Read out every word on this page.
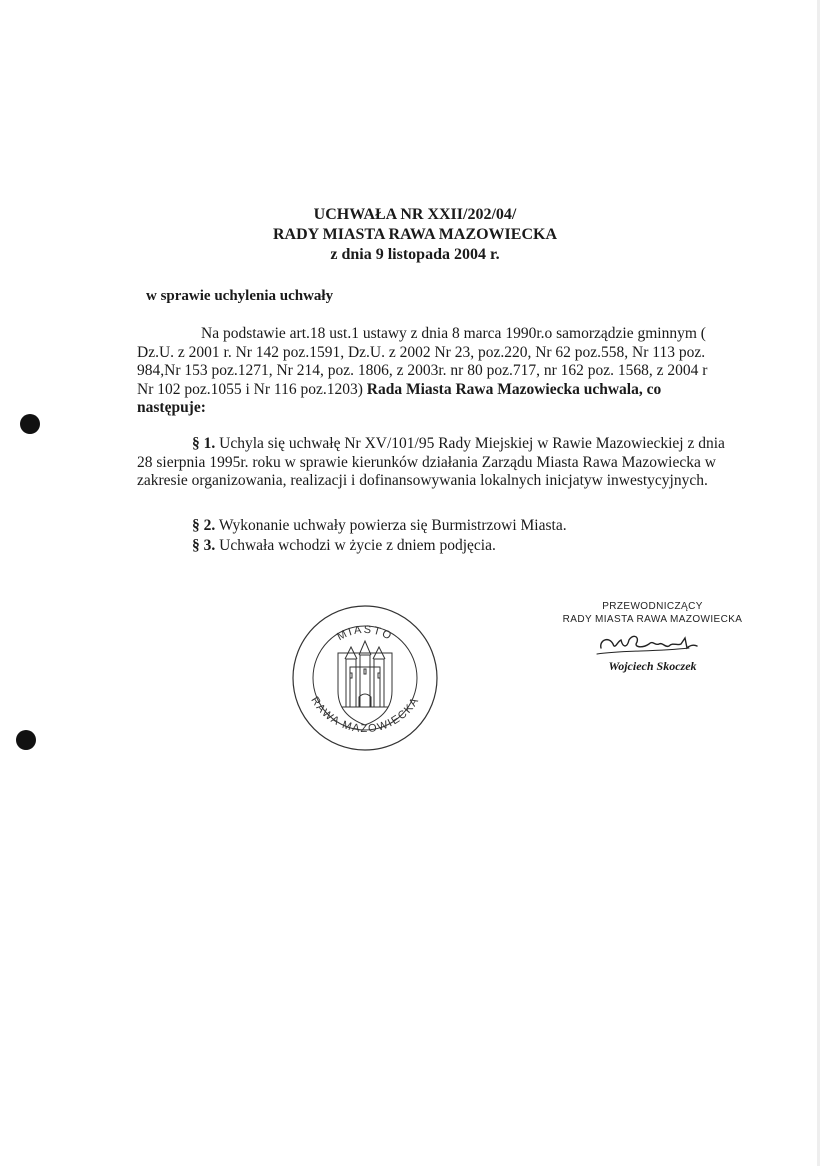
UCHWAŁA NR XXII/202/04/
RADY MIASTA RAWA MAZOWIECKA
z dnia 9 listopada 2004 r.
w sprawie uchylenia uchwały

Na podstawie art.18 ust.1 ustawy z dnia 8 marca 1990r.o samorządzie gminnym ( Dz.U. z 2001 r. Nr 142 poz.1591, Dz.U. z 2002 Nr 23, poz.220, Nr 62 poz.558, Nr 113 poz. 984,Nr 153 poz.1271, Nr 214, poz. 1806, z 2003r. nr 80 poz.717, nr 162 poz. 1568, z 2004 r Nr 102 poz.1055 i Nr 116 poz.1203) Rada Miasta Rawa Mazowiecka uchwala, co następuje:

§ 1. Uchyla się uchwałę Nr XV/101/95 Rady Miejskiej w Rawie Mazowieckiej z dnia 28 sierpnia 1995r. roku w sprawie kierunków działania Zarządu Miasta Rawa Mazowiecka w zakresie organizowania, realizacji i dofinansowywania lokalnych inicjatyw inwestycyjnych.

§ 2. Wykonanie uchwały powierza się Burmistrzowi Miasta.
§ 3. Uchwała wchodzi w życie z dniem podjęcia.
MIASTO
RAWA MAZOWIECKA
PRZEWODNICZĄCY
RADY MIASTA RAWA MAZOWIECKA
Wojciech Skoczek
